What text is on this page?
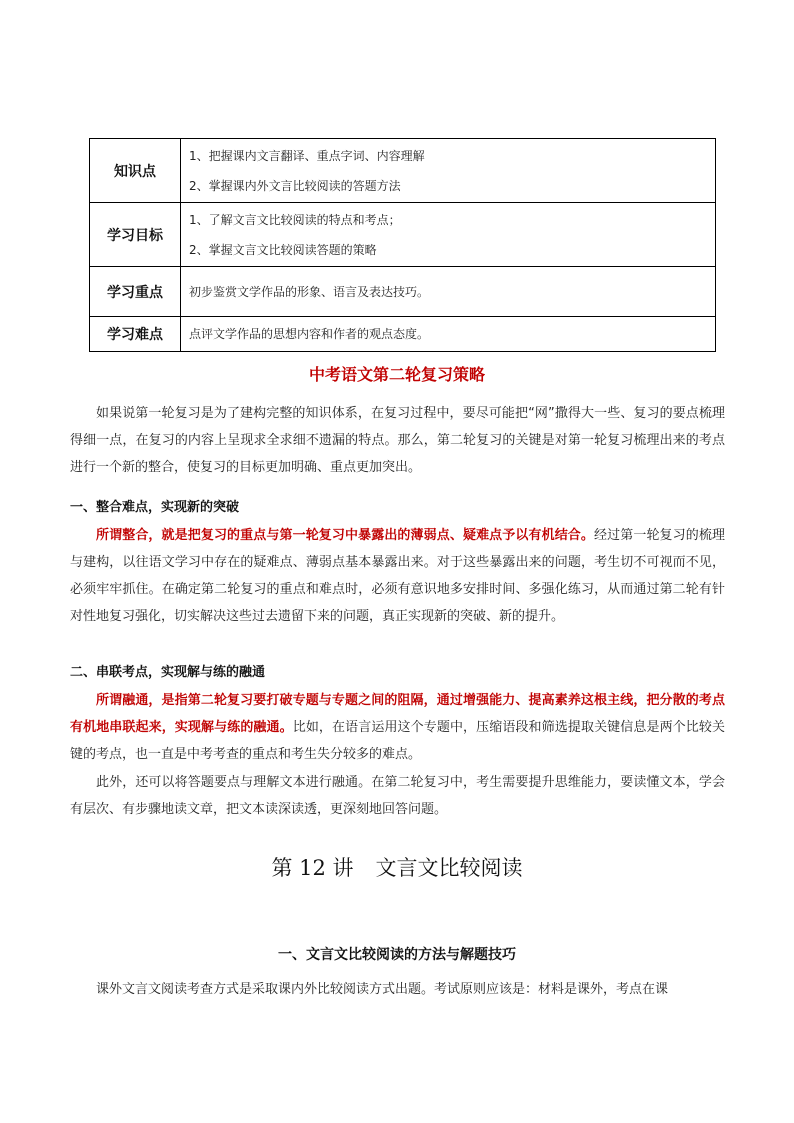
知识点	1、把握课内文言翻译、重点字词、内容理解
2、掌握课内外文言比较阅读的答题方法

学习目标	1、了解文言文比较阅读的特点和考点；
2、掌握文言文比较阅读答题的策略

学习重点	初步鉴赏文学作品的形象、语言及表达技巧。

学习难点	点评文学作品的思想内容和作者的观点态度。
中考语文第二轮复习策略
如果说第一轮复习是为了建构完整的知识体系，在复习过程中，要尽可能把“网”撒得大一些、复习的要点梳理得细一点，在复习的内容上呈现求全求细不遗漏的特点。那么，第二轮复习的关键是对第一轮复习梳理出来的考点进行一个新的整合，使复习的目标更加明确、重点更加突出。
一、整合难点，实现新的突破
所谓整合，就是把复习的重点与第一轮复习中暴露出的薄弱点、疑难点予以有机结合。经过第一轮复习的梳理与建构，以往语文学习中存在的疑难点、薄弱点基本暴露出来。对于这些暴露出来的问题，考生切不可视而不见，必须牢牢抓住。在确定第二轮复习的重点和难点时，必须有意识地多安排时间、多强化练习，从而通过第二轮有针对性地复习强化，切实解决这些过去遗留下来的问题，真正实现新的突破、新的提升。
二、串联考点，实现解与练的融通
所谓融通，是指第二轮复习要打破专题与专题之间的阻隔，通过增强能力、提高素养这根主线，把分散的考点有机地串联起来，实现解与练的融通。比如，在语言运用这个专题中，压缩语段和筛选提取关键信息是两个比较关键的考点，也一直是中考考查的重点和考生失分较多的难点。
此外，还可以将答题要点与理解文本进行融通。在第二轮复习中，考生需要提升思维能力，要读懂文本，学会有层次、有步骤地读文章，把文本读深读透，更深刻地回答问题。
第 12 讲 文言文比较阅读
一、文言文比较阅读的方法与解题技巧
课外文言文阅读考查方式是采取课内外比较阅读方式出题。考试原则应该是：材料是课外，考点在课
